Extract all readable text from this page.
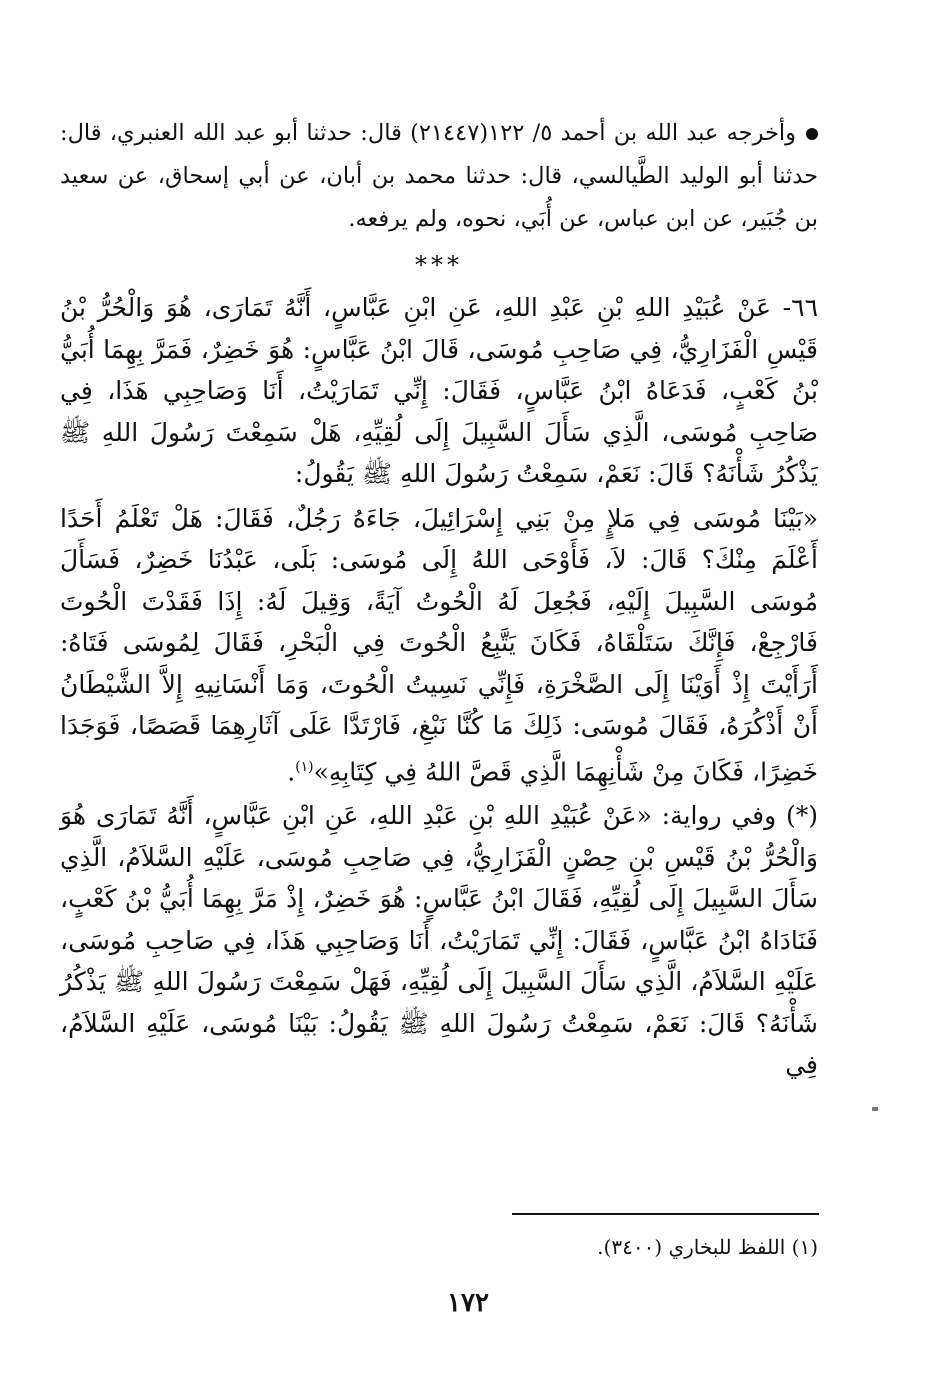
وأخرجه عبد الله بن أحمد ٥/ ١٢٢(٢١٤٤٧) قال: حدثنا أبو عبد الله العنبري، قال: حدثنا أبو الوليد الطَّيالسي، قال: حدثنا محمد بن أبان، عن أبي إسحاق، عن سعيد بن جُبَير، عن ابن عباس، عن أُبَي، نحوه، ولم يرفعه.

***

٦٦- عَنْ عُبَيْدِ اللهِ بْنِ عَبْدِ اللهِ، عَنِ ابْنِ عَبَّاسٍ، أَنَّهُ تَمَارَى، هُوَ وَالْحُرُّ بْنُ قَيْسِ الْفَزَارِيُّ، فِي صَاحِبِ مُوسَى، قَالَ ابْنُ عَبَّاسٍ: هُوَ خَضِرٌ، فَمَرَّ بِهِمَا أُبَيُّ بْنُ كَعْبٍ، فَدَعَاهُ ابْنُ عَبَّاسٍ، فَقَالَ: إِنِّي تَمَارَيْتُ، أَنَا وَصَاحِبِي هَذَا، فِي صَاحِبِ مُوسَى، الَّذِي سَأَلَ السَّبِيلَ إِلَى لُقِيِّهِ، هَلْ سَمِعْتَ رَسُولَ اللهِ ﷺ يَذْكُرُ شَأْنَهُ؟ قَالَ: نَعَمْ، سَمِعْتُ رَسُولَ اللهِ ﷺ يَقُولُ:

«بَيْنَا مُوسَى فِي مَلإٍ مِنْ بَنِي إِسْرَائِيلَ، جَاءَهُ رَجُلٌ، فَقَالَ: هَلْ تَعْلَمُ أَحَدًا أَعْلَمَ مِنْكَ؟ قَالَ: لاَ، فَأَوْحَى اللهُ إِلَى مُوسَى: بَلَى، عَبْدُنَا خَضِرٌ، فَسَأَلَ مُوسَى السَّبِيلَ إِلَيْهِ، فَجُعِلَ لَهُ الْحُوتُ آيَةً، وَقِيلَ لَهُ: إِذَا فَقَدْتَ الْحُوتَ فَارْجِعْ، فَإِنَّكَ سَتَلْقَاهُ، فَكَانَ يَتَّبِعُ الْحُوتَ فِي الْبَحْرِ، فَقَالَ لِمُوسَى فَتَاهُ: أَرَأَيْتَ إِذْ أَوَيْنَا إِلَى الصَّخْرَةِ، فَإِنِّي نَسِيتُ الْحُوتَ، وَمَا أَنْسَانِيهِ إِلاَّ الشَّيْطَانُ أَنْ أَذْكُرَهُ، فَقَالَ مُوسَى: ذَلِكَ مَا كُنَّا نَبْغِ، فَارْتَدَّا عَلَى آثَارِهِمَا قَصَصًا، فَوَجَدَا خَضِرًا، فَكَانَ مِنْ شَأْنِهِمَا الَّذِي قَصَّ اللهُ فِي كِتَابِهِ»$^{(١)}$.

(*) وفي رواية: «عَنْ عُبَيْدِ اللهِ بْنِ عَبْدِ اللهِ، عَنِ ابْنِ عَبَّاسٍ، أَنَّهُ تَمَارَى هُوَ وَالْحُرُّ بْنُ قَيْسِ بْنِ حِصْنٍ الْفَزَارِيُّ، فِي صَاحِبِ مُوسَى، عَلَيْهِ السَّلاَمُ، الَّذِي سَأَلَ السَّبِيلَ إِلَى لُقِيِّهِ، فَقَالَ ابْنُ عَبَّاسٍ: هُوَ خَضِرٌ، إِذْ مَرَّ بِهِمَا أُبَيُّ بْنُ كَعْبٍ، فَنَادَاهُ ابْنُ عَبَّاسٍ، فَقَالَ: إِنِّي تَمَارَيْتُ، أَنَا وَصَاحِبِي هَذَا، فِي صَاحِبِ مُوسَى، عَلَيْهِ السَّلاَمُ، الَّذِي سَأَلَ السَّبِيلَ إِلَى لُقِيِّهِ، فَهَلْ سَمِعْتَ رَسُولَ اللهِ ﷺ يَذْكُرُ شَأْنَهُ؟ قَالَ: نَعَمْ، سَمِعْتُ رَسُولَ اللهِ ﷺ يَقُولُ: بَيْنَا مُوسَى، عَلَيْهِ السَّلاَمُ، فِي

(١) اللفظ للبخاري (٣٤٠٠).
١٧٢
